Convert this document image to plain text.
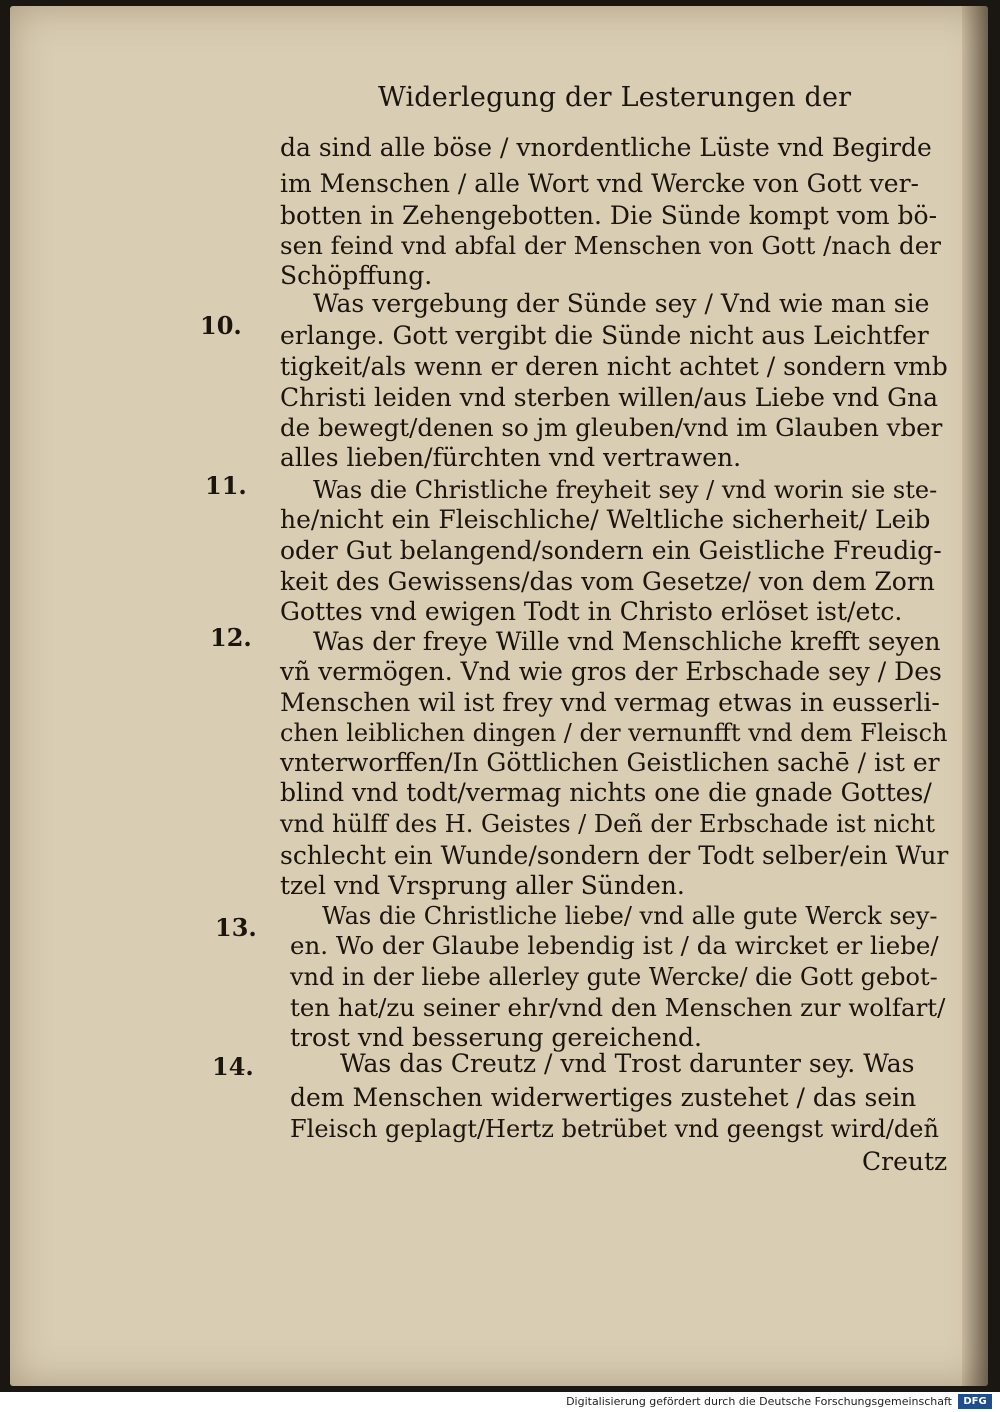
Widerlegung der Lesterungen der
10.
11.
12.
13.
14.
da sind alle böse / vnordentliche Lüste vnd Begirde
im Menschen / alle Wort vnd Wercke von Gott ver-
botten in Zehengebotten. Die Sünde kompt vom bö-
sen feind vnd abfal der Menschen von Gott /nach der
Schöpffung.
Was vergebung der Sünde sey / Vnd wie man sie
erlange. Gott vergibt die Sünde nicht aus Leichtfer
tigkeit/als wenn er deren nicht achtet / sondern vmb
Christi leiden vnd sterben willen/aus Liebe vnd Gna
de bewegt/denen so jm gleuben/vnd im Glauben vber
alles lieben/fürchten vnd vertrawen.
Was die Christliche freyheit sey / vnd worin sie ste-
he/nicht ein Fleischliche/ Weltliche sicherheit/ Leib
oder Gut belangend/sondern ein Geistliche Freudig-
keit des Gewissens/das vom Gesetze/ von dem Zorn
Gottes vnd ewigen Todt in Christo erlöset ist/etc.
Was der freye Wille vnd Menschliche krefft seyen
vñ vermögen. Vnd wie gros der Erbschade sey / Des
Menschen wil ist frey vnd vermag etwas in eusserli-
chen leiblichen dingen / der vernunfft vnd dem Fleisch
vnterworffen/In Göttlichen Geistlichen sachē / ist er
blind vnd todt/vermag nichts one die gnade Gottes/
vnd hülff des H. Geistes / Deñ der Erbschade ist nicht
schlecht ein Wunde/sondern der Todt selber/ein Wur
tzel vnd Vrsprung aller Sünden.
Was die Christliche liebe/ vnd alle gute Werck sey-
en. Wo der Glaube lebendig ist / da wircket er liebe/
vnd in der liebe allerley gute Wercke/ die Gott gebot-
ten hat/zu seiner ehr/vnd den Menschen zur wolfart/
trost vnd besserung gereichend.
Was das Creutz / vnd Trost darunter sey. Was
dem Menschen widerwertiges zustehet / das sein
Fleisch geplagt/Hertz betrübet vnd geengst wird/deñ
Creutz
Digitalisierung gefördert durch die Deutsche Forschungsgemeinschaft	DFG
